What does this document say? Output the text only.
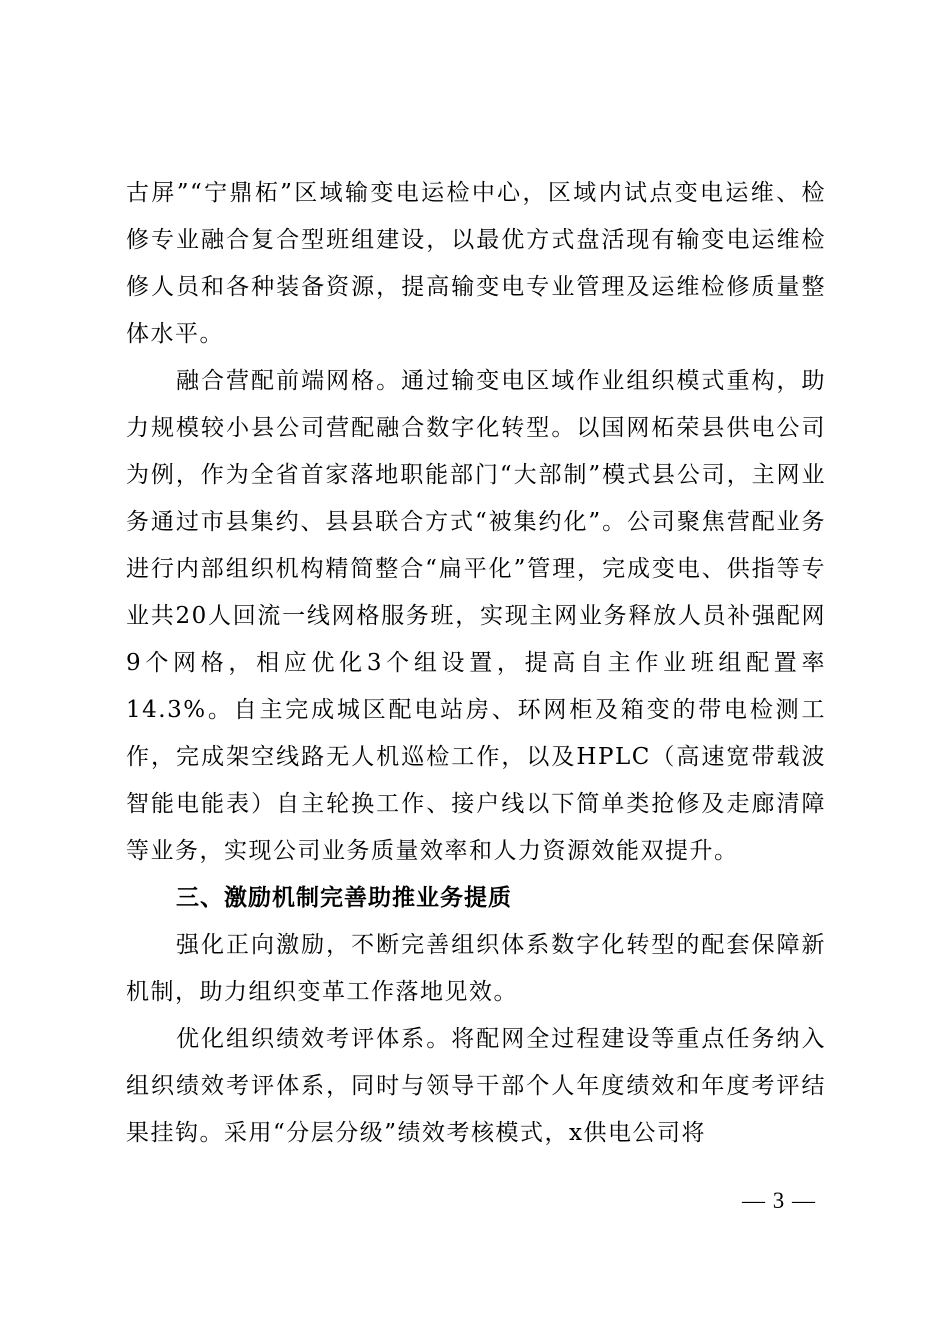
古屏”“宁鼎柘”区域输变电运检中心，区域内试点变电运维、检修专业融合复合型班组建设，以最优方式盘活现有输变电运维检修人员和各种装备资源，提高输变电专业管理及运维检修质量整体水平。

融合营配前端网格。通过输变电区域作业组织模式重构，助力规模较小县公司营配融合数字化转型。以国网柘荣县供电公司为例，作为全省首家落地职能部门“大部制”模式县公司，主网业务通过市县集约、县县联合方式“被集约化”。公司聚焦营配业务进行内部组织机构精简整合“扁平化”管理，完成变电、供指等专业共20人回流一线网格服务班，实现主网业务释放人员补强配网9个网格，相应优化3个组设置，提高自主作业班组配置率14.3%。自主完成城区配电站房、环网柜及箱变的带电检测工作，完成架空线路无人机巡检工作，以及HPLC（高速宽带载波智能电能表）自主轮换工作、接户线以下简单类抢修及走廊清障等业务，实现公司业务质量效率和人力资源效能双提升。

三、激励机制完善助推业务提质

强化正向激励，不断完善组织体系数字化转型的配套保障新机制，助力组织变革工作落地见效。

优化组织绩效考评体系。将配网全过程建设等重点任务纳入组织绩效考评体系，同时与领导干部个人年度绩效和年度考评结果挂钩。采用“分层分级”绩效考核模式，x供电公司将

— 3 —
